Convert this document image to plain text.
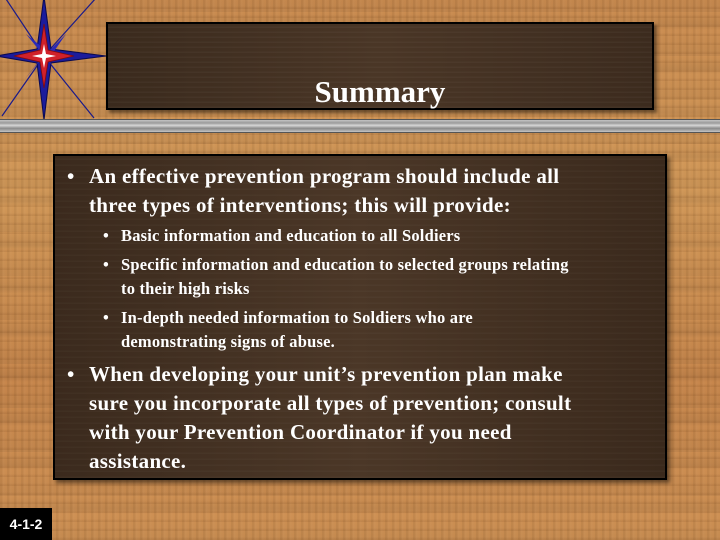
Summary
• An effective prevention program should include all
three types of interventions; this will provide:
• Basic information and education to all Soldiers
• Specific information and education to selected groups relating
to their high risks
• In-depth needed information to Soldiers who are
demonstrating signs of abuse.
• When developing your unit’s prevention plan make
sure you incorporate all types of prevention; consult
with your Prevention Coordinator if you need
assistance.
4-1-2
